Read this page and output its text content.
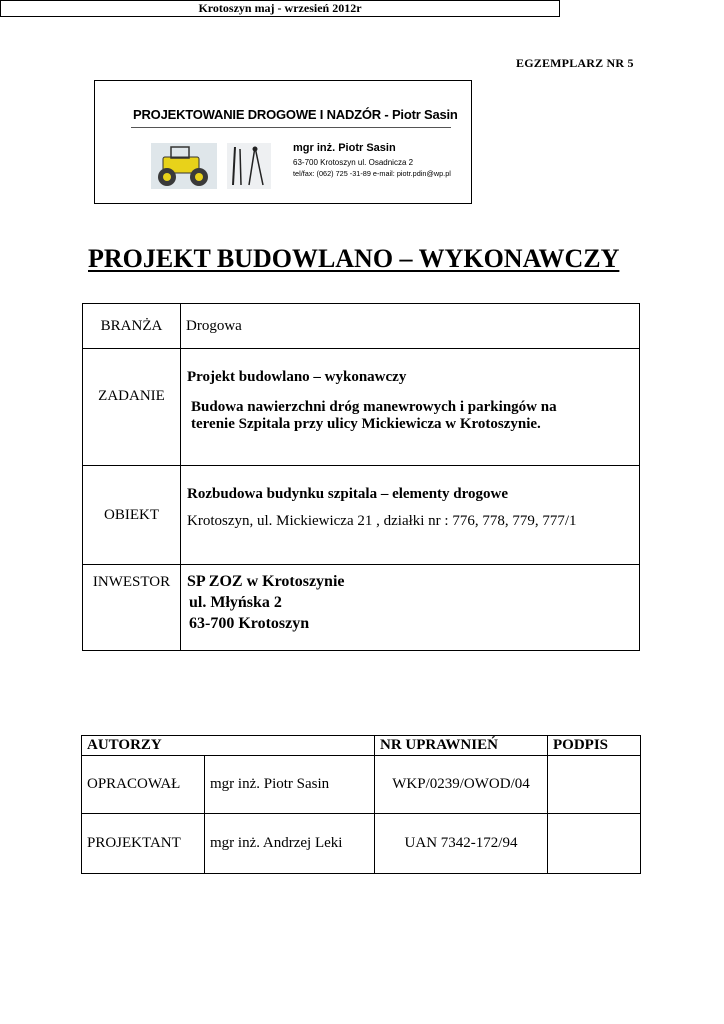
EGZEMPLARZ NR 5
PROJEKTOWANIE DROGOWE I NADZÓR - Piotr Sasin
mgr inż. Piotr Sasin
63-700 Krotoszyn ul. Osadnicza 2
tel/fax: (062) 725 -31-89 e-mail: piotr.pdin@wp.pl
PROJEKT BUDOWLANO – WYKONAWCZY
BRANŻA	Drogowa
ZADANIE	Projekt budowlano – wykonawczy
Budowa nawierzchni dróg manewrowych i parkingów na
terenie Szpitala przy ulicy Mickiewicza w Krotoszynie.

OBIEKT	Rozbudowa budynku szpitala – elementy drogowe
Krotoszyn, ul. Mickiewicza 21 , działki nr : 776, 778, 779, 777/1

INWESTOR	SP ZOZ w Krotoszynie
ul. Młyńska 2
63-700 Krotoszyn
AUTORZY		NR UPRAWNIEŃ	PODPIS
OPRACOWAŁ	mgr inż. Piotr Sasin	WKP/0239/OWOD/04	
PROJEKTANT	mgr inż. Andrzej Leki	UAN 7342-172/94	
Krotoszyn maj - wrzesień 2012r
